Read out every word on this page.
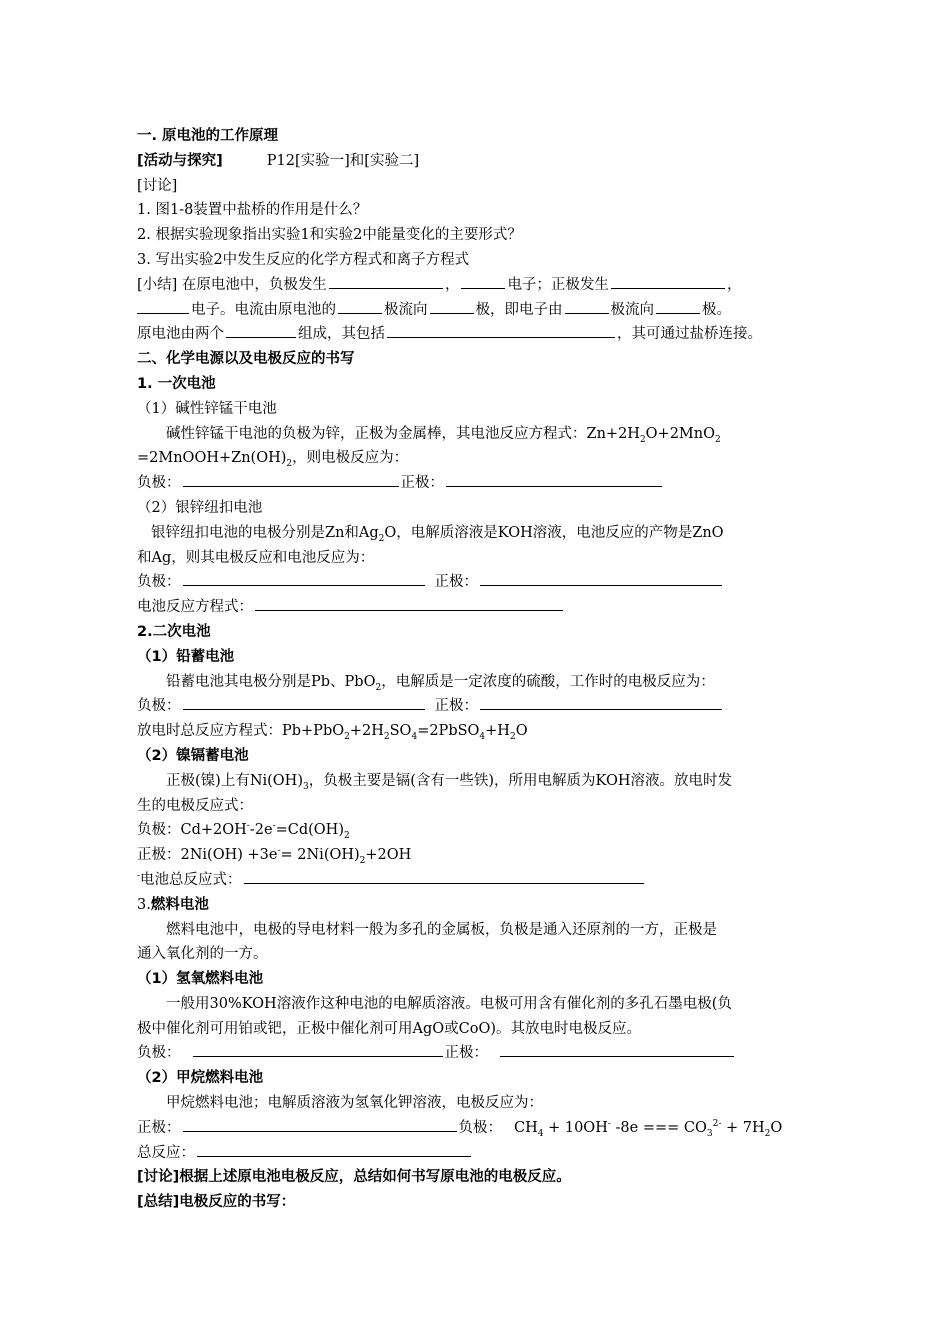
一. 原电池的工作原理
[活动与探究]	P12[实验一]和[实验二]
[讨论]
1. 图1-8装置中盐桥的作用是什么？
2. 根据实验现象指出实验1和实验2中能量变化的主要形式？
3. 写出实验2中发生反应的化学方程式和离子方程式
[小结] 在原电池中，负极发生	，	电子；正极发生	，
电子。电流由原电池的	极流向	极，即电子由	极流向	极。
原电池由两个	组成，其包括	，其可通过盐桥连接。
二、化学电源以及电极反应的书写
1. 一次电池
（1）碱性锌锰干电池
碱性锌锰干电池的负极为锌，正极为金属棒，其电池反应方程式：$Zn+2H_2O+2MnO_2$
$=2MnOOH+Zn(OH)_2$，则电极反应为：
负极：	正极：
（2）银锌纽扣电池
银锌纽扣电池的电极分别是Zn和$Ag_2O$，电解质溶液是KOH溶液，电池反应的产物是ZnO
和Ag，则其电极反应和电池反应为：
负极：	正极：
电池反应方程式：
2.二次电池
（1）铅蓄电池
铅蓄电池其电极分别是Pb、PbO$_2$，电解质是一定浓度的硫酸，工作时的电极反应为：
负极：	正极：
放电时总反应方程式：$Pb+PbO_2+2H_2SO_4=2PbSO_4+H_2O$
（2）镍镉蓄电池
正极(镍)上有$Ni(OH)_3$，负极主要是镉(含有一些铁)，所用电解质为KOH溶液。放电时发
生的电极反应式：
负极：$Cd+2OH^--2e^-=Cd(OH)_2$
正极：$2Ni(OH) +3e^-= 2Ni(OH)_2+2OH$
-电池总反应式：
3.燃料电池
燃料电池中，电极的导电材料一般为多孔的金属板，负极是通入还原剂的一方，正极是
通入氧化剂的一方。
（1）氢氧燃料电池
一般用30%KOH溶液作这种电池的电解质溶液。电极可用含有催化剂的多孔石墨电极(负
极中催化剂可用铂或钯，正极中催化剂可用AgO或CoO)。其放电时电极反应。
负极：	正极：
（2）甲烷燃料电池
甲烷燃料电池；电解质溶液为氢氧化钾溶液，电极反应为：
正极：	负极： $CH_4 + 10OH^-$ -8e === $CO_3^{2-} + 7H_2O$
总反应：
[讨论]根据上述原电池电极反应，总结如何书写原电池的电极反应。
[总结]电极反应的书写：
